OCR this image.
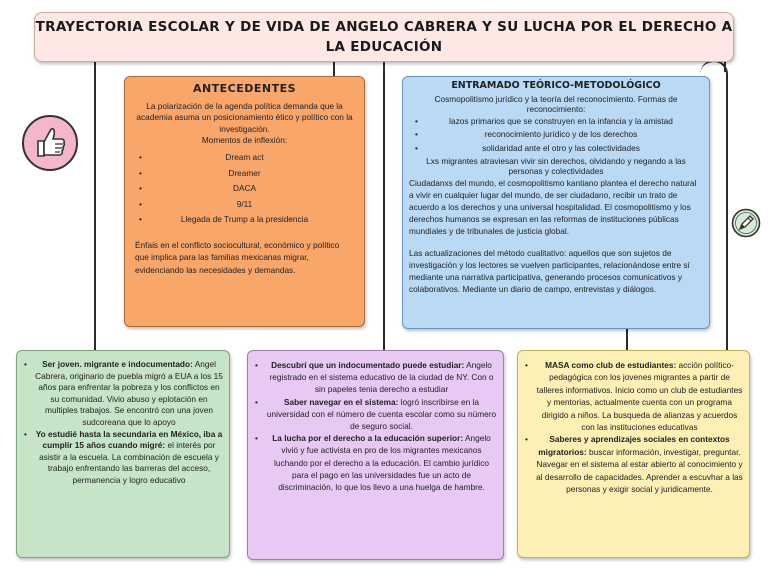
TRAYECTORIA ESCOLAR Y DE VIDA DE ANGELO CABRERA Y SU LUCHA POR EL DERECHO A LA EDUCACIÓN
ANTECEDENTES
La polarización de la agenda política demanda que la academia asuma un posicionamiento ético y político con la investigación.
Momentos de inflexión:
• Dream act
• Dreamer
• DACA
• 9/11
• Llegada de Trump a la presidencia
Énfais en el conflicto sociocultural, económico y político que implica para las familias mexicanas migrar, evidenciando las necesidades y demandas.
ENTRAMADO TEÓRICO-METODOLÓGICO
Cosmopolitismo jurídico y la teoría del reconocimiento. Formas de reconocimiento:
• lazos primarios que se construyen en la infancia y la amistad
• reconocimiento jurídico y de los derechos
• solidaridad ante el otro y las colectividades
Lxs migrantes atraviesan vivir sin derechos, olvidando y negando a las personas y colectividades
Ciudadanxs del mundo, el cosmopolitismo kantiano plantea el derecho natural a vivir en cualquier lugar del mundo, de ser ciudadano, recibir un trato de acuerdo a los derechos y una universal hospitalidad. El cosmopolitismo y los derechos humanos se expresan en las reformas de instituciones públicas mundiales y de tribunales de justicia global.
Las actualizaciones del método cualitativo: aquellos que son sujetos de investigación y los lectores se vuelven participantes, relacionándose entre sí mediante una narrativa participativa, generando procesos comunicativos y colaborativos. Mediante un diario de campo, entrevistas y diálogos.
• Ser joven. migrante e indocumentado: Angel Cabrera, originario de puebla migró a EUA a los 15 años para enfrentar la pobreza y los conflictos en su comunidad. Vivio abuso y eplotación en multiples trabajos. Se encontró con una joven sudcoreana que lo apoyo
• Yo estudié hasta la secundaria en México, iba a cumplir 15 años cuando migré: el interés por asistir a la escuela. La combinación de escuela y trabajo enfrentando las barreras del acceso, permanencia y logro educativo
• Descubrí que un indocumentado puede estudiar: Angelo registrado en el sistema educativo de la ciudad de NY. Con o sin papeles tenia derecho a estudiar
• Saber navegar en el sistema: logró inscribirse en la universidad con el número de cuenta escolar como su número de seguro social.
• La lucha por el derecho a la educación superior: Angelo vivió y fue activista en pro de los migrantes mexicanos luchando por el derecho a la educación. El cambio jurídico para el pago en las universidades fue un acto de discriminación, lo que los llevo a una huelga de hambre.
• MASA como club de estudiantes: acción político-pedagógica con los jovenes migrantes a partir de talleres informativos. Inicio como un club de estudiantes y mentorias, actualmente cuenta con un programa dirigido a niños. La busqueda de alianzas y acuerdos con las instituciones educativas
• Saberes y aprendizajes sociales en contextos migratorios: buscar información, investigar, preguntar. Navegar en el sistema al estar abierto al conocimiento y al desarrollo de capacidades. Aprender a escuvhar a las personas y exigir social y juridicamente.
